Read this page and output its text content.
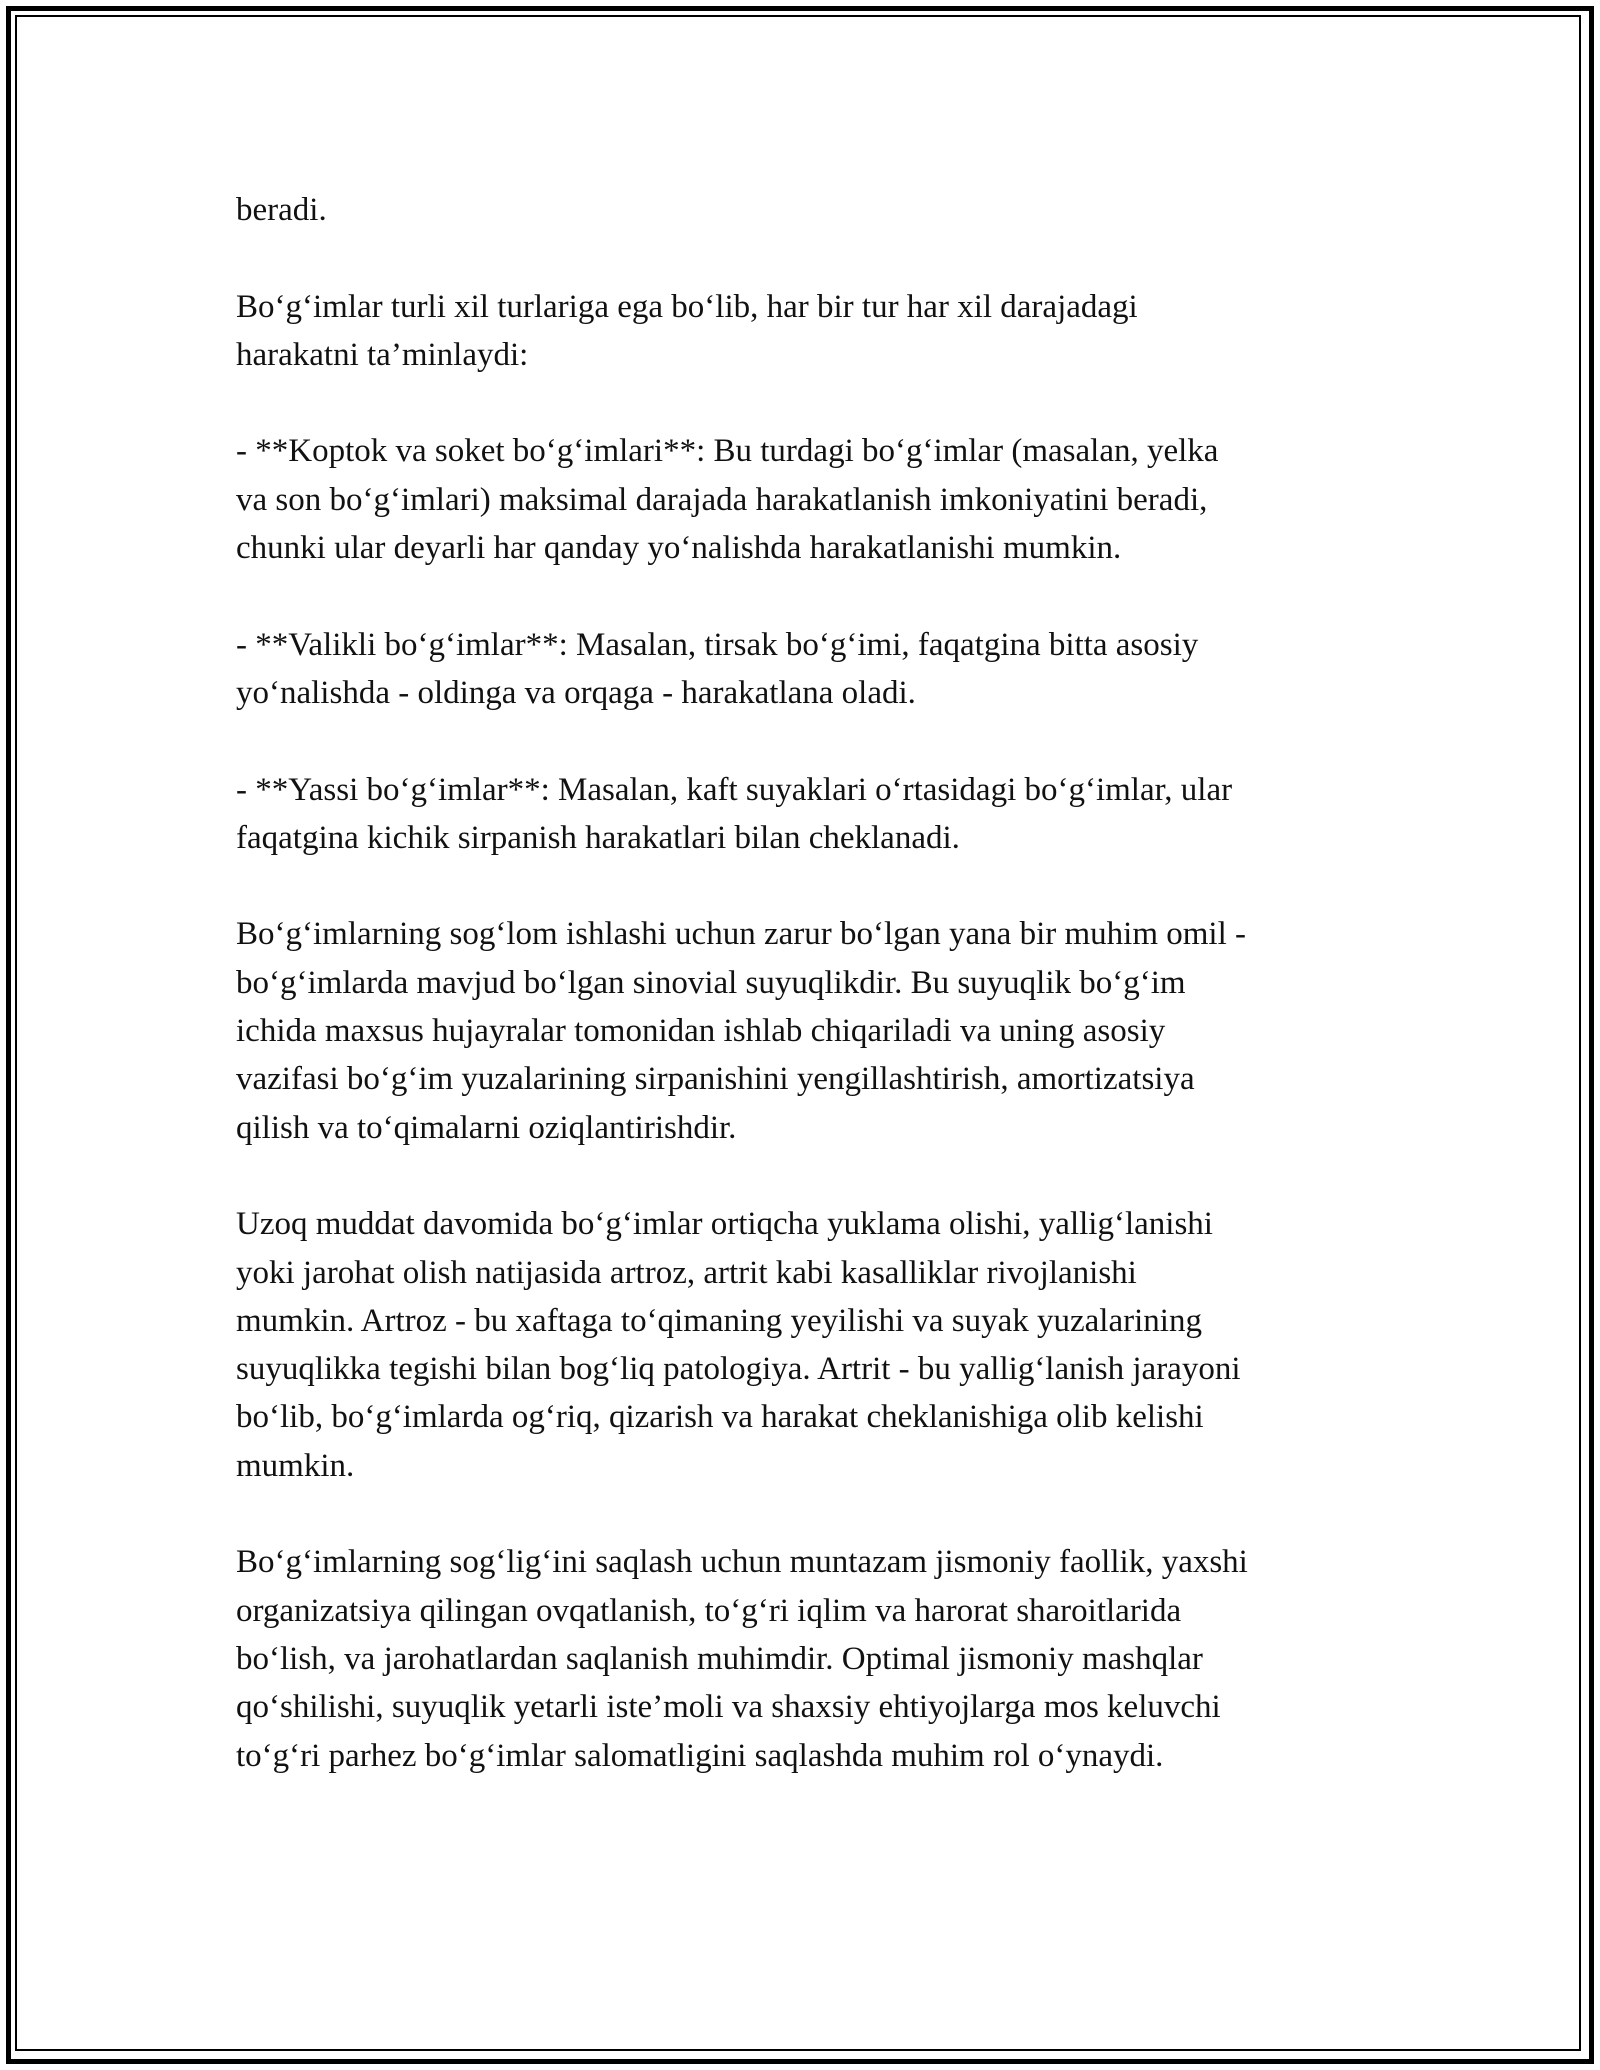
beradi.

Bo‘g‘imlar turli xil turlariga ega bo‘lib, har bir tur har xil darajadagi
harakatni ta’minlaydi:

- **Koptok va soket bo‘g‘imlari**: Bu turdagi bo‘g‘imlar (masalan, yelka
va son bo‘g‘imlari) maksimal darajada harakatlanish imkoniyatini beradi,
chunki ular deyarli har qanday yo‘nalishda harakatlanishi mumkin.

- **Valikli bo‘g‘imlar**: Masalan, tirsak bo‘g‘imi, faqatgina bitta asosiy
yo‘nalishda - oldinga va orqaga - harakatlana oladi.

- **Yassi bo‘g‘imlar**: Masalan, kaft suyaklari o‘rtasidagi bo‘g‘imlar, ular
faqatgina kichik sirpanish harakatlari bilan cheklanadi.

Bo‘g‘imlarning sog‘lom ishlashi uchun zarur bo‘lgan yana bir muhim omil -
bo‘g‘imlarda mavjud bo‘lgan sinovial suyuqlikdir. Bu suyuqlik bo‘g‘im
ichida maxsus hujayralar tomonidan ishlab chiqariladi va uning asosiy
vazifasi bo‘g‘im yuzalarining sirpanishini yengillashtirish, amortizatsiya
qilish va to‘qimalarni oziqlantirishdir.

Uzoq muddat davomida bo‘g‘imlar ortiqcha yuklama olishi, yallig‘lanishi
yoki jarohat olish natijasida artroz, artrit kabi kasalliklar rivojlanishi
mumkin. Artroz - bu xaftaga to‘qimaning yeyilishi va suyak yuzalarining
suyuqlikka tegishi bilan bog‘liq patologiya. Artrit - bu yallig‘lanish jarayoni
bo‘lib, bo‘g‘imlarda og‘riq, qizarish va harakat cheklanishiga olib kelishi
mumkin.

Bo‘g‘imlarning sog‘lig‘ini saqlash uchun muntazam jismoniy faollik, yaxshi
organizatsiya qilingan ovqatlanish, to‘g‘ri iqlim va harorat sharoitlarida
bo‘lish, va jarohatlardan saqlanish muhimdir. Optimal jismoniy mashqlar
qo‘shilishi, suyuqlik yetarli iste’moli va shaxsiy ehtiyojlarga mos keluvchi
to‘g‘ri parhez bo‘g‘imlar salomatligini saqlashda muhim rol o‘ynaydi.
